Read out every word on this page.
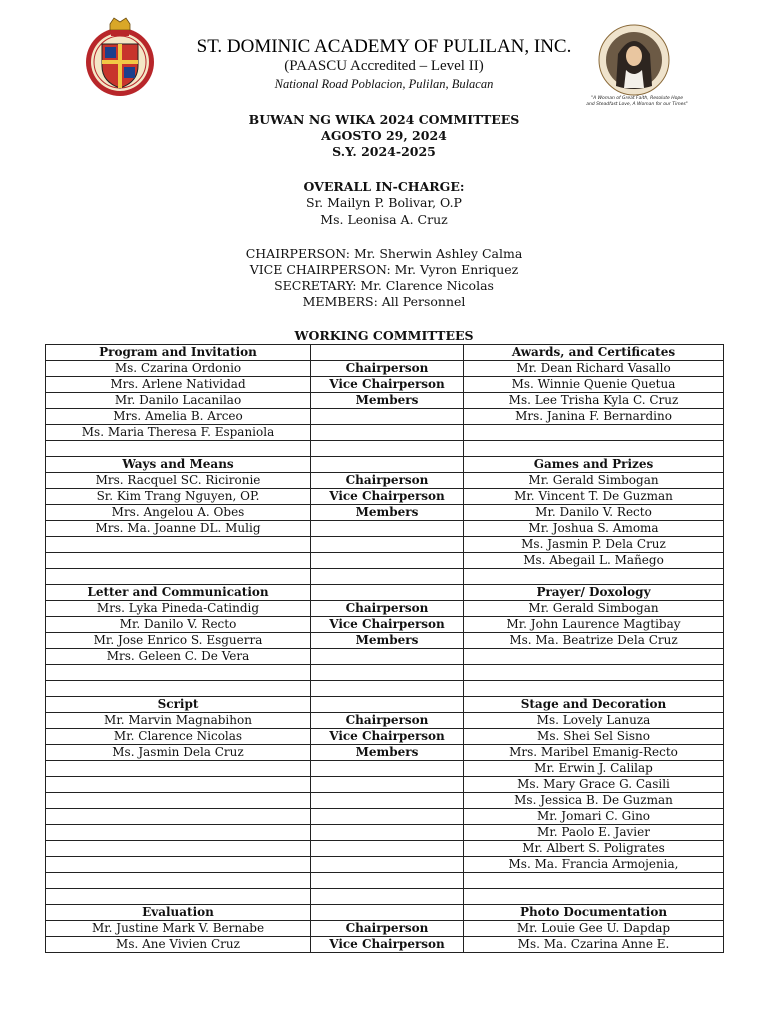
"A Woman of Great Faith, Resolute Hope
and Steadfast Love, A Woman for our Times"
ST. DOMINIC ACADEMY OF PULILAN, INC.
(PAASCU Accredited – Level II)
National Road Poblacion, Pulilan, Bulacan
BUWAN NG WIKA 2024 COMMITTEES
AGOSTO 29, 2024
S.Y. 2024-2025
OVERALL IN-CHARGE:
Sr. Mailyn P. Bolivar, O.P
Ms. Leonisa A. Cruz
CHAIRPERSON: Mr. Sherwin Ashley Calma
VICE CHAIRPERSON: Mr. Vyron Enriquez
SECRETARY: Mr. Clarence Nicolas
MEMBERS: All Personnel
WORKING COMMITTEES
Program and Invitation		Awards, and Certificates
Ms. Czarina Ordonio	Chairperson	Mr. Dean Richard Vasallo
Mrs. Arlene Natividad	Vice Chairperson	Ms. Winnie Quenie Quetua
Mr. Danilo Lacanilao	Members	Ms. Lee Trisha Kyla C. Cruz
Mrs. Amelia B. Arceo		Mrs. Janina F. Bernardino
Ms. Maria Theresa F. Espaniola		

Ways and Means		Games and Prizes
Mrs. Racquel SC. Ricironie	Chairperson	Mr. Gerald Simbogan
Sr. Kim Trang Nguyen, OP.	Vice Chairperson	Mr. Vincent T. De Guzman
Mrs. Angelou A. Obes	Members	Mr. Danilo V. Recto
Mrs. Ma. Joanne DL. Mulig		Mr. Joshua S. Amoma
		Ms. Jasmin P. Dela Cruz
		Ms. Abegail L. Mañego

Letter and Communication		Prayer/ Doxology
Mrs. Lyka Pineda-Catindig	Chairperson	Mr. Gerald Simbogan
Mr. Danilo V. Recto	Vice Chairperson	Mr. John Laurence Magtibay
Mr. Jose Enrico S. Esguerra	Members	Ms. Ma. Beatrize Dela Cruz
Mrs. Geleen C. De Vera		

Script		Stage and Decoration
Mr. Marvin Magnabihon	Chairperson	Ms. Lovely Lanuza
Mr. Clarence Nicolas	Vice Chairperson	Ms. Shei Sel Sisno
Ms. Jasmin Dela Cruz	Members	Mrs. Maribel Emanig-Recto
		Mr. Erwin J. Calilap
		Ms. Mary Grace G. Casili
		Ms. Jessica B. De Guzman
		Mr. Jomari C. Gino
		Mr. Paolo E. Javier
		Mr. Albert S. Poligrates
		Ms. Ma. Francia Armojenia,

Evaluation		Photo Documentation
Mr. Justine Mark V. Bernabe	Chairperson	Mr. Louie Gee U. Dapdap
Ms. Ane Vivien Cruz	Vice Chairperson	Ms. Ma. Czarina Anne E.
